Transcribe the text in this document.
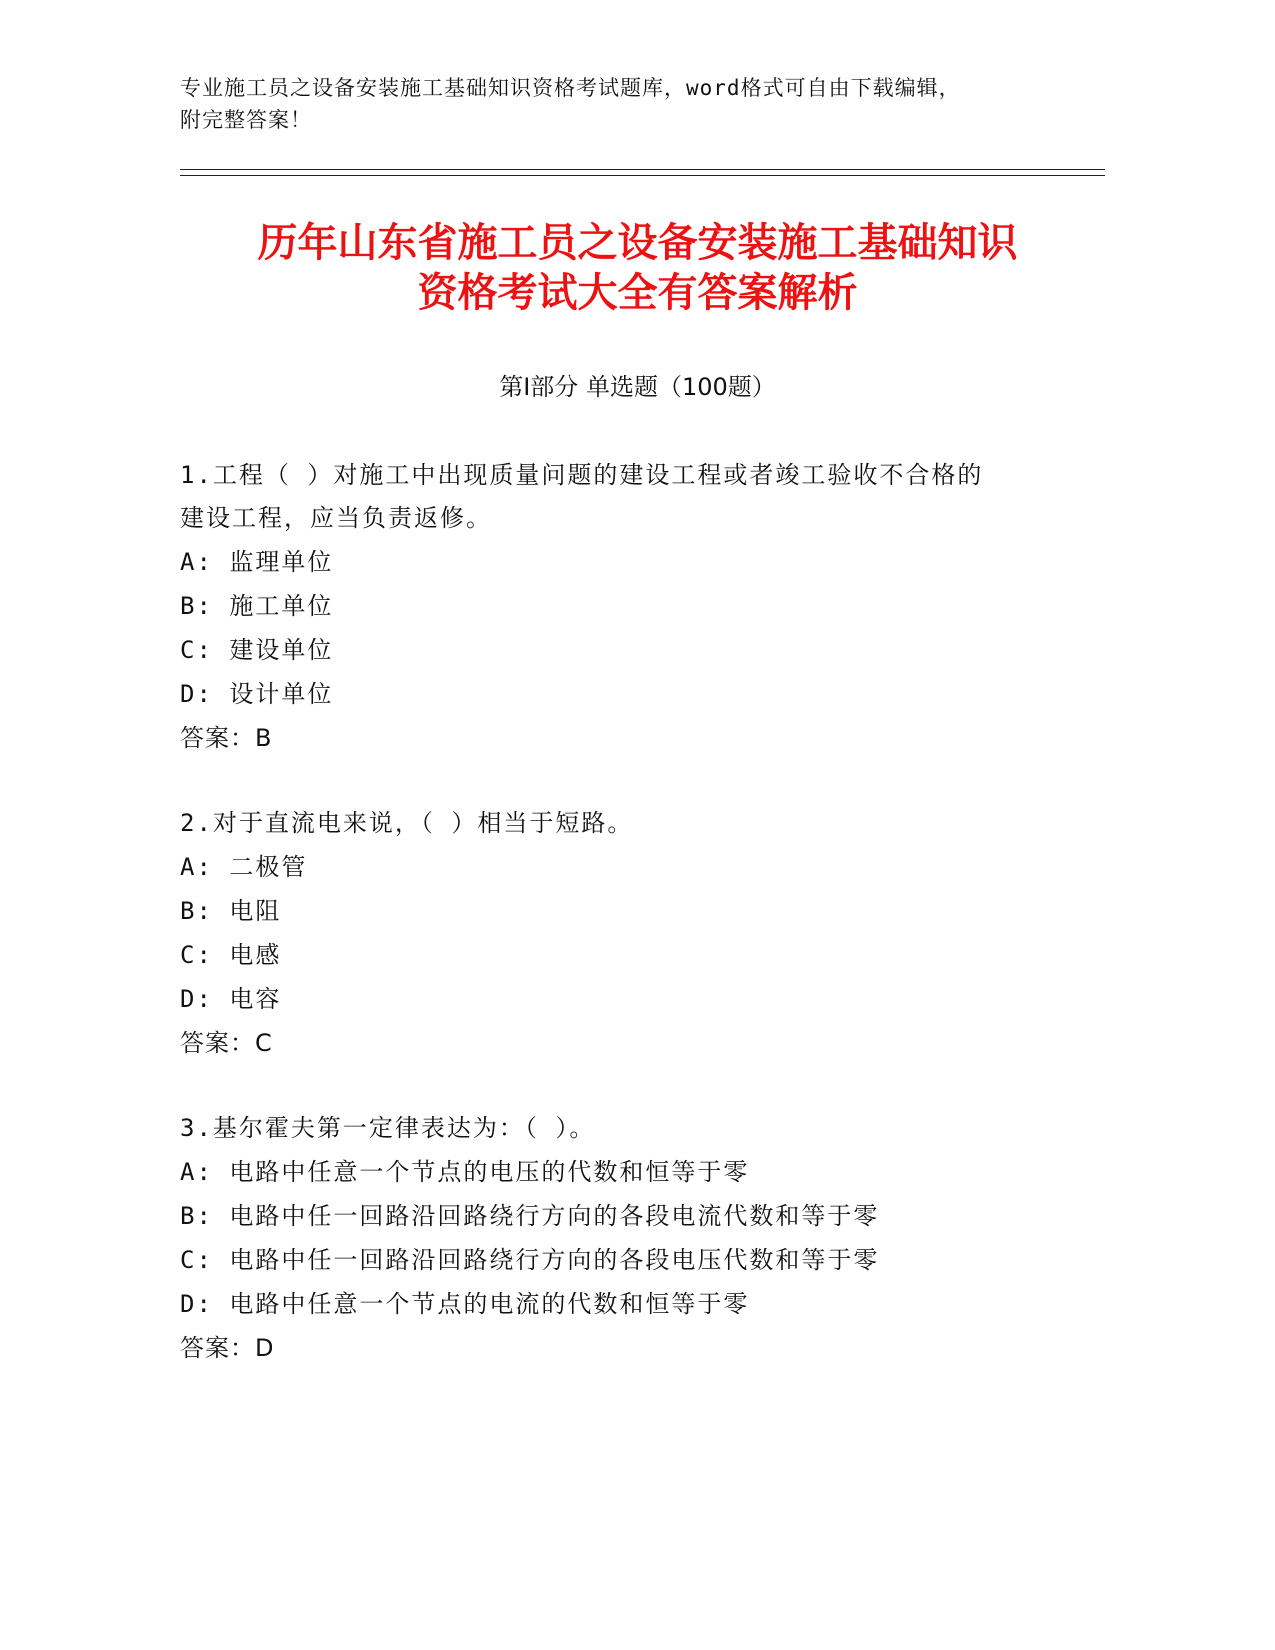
专业施工员之设备安装施工基础知识资格考试题库，word格式可自由下载编辑，
附完整答案！
历年山东省施工员之设备安装施工基础知识
资格考试大全有答案解析
第Ⅰ部分 单选题（100题）
1.工程（ ）对施工中出现质量问题的建设工程或者竣工验收不合格的
建设工程，应当负责返修。
A: 监理单位
B: 施工单位
C: 建设单位
D: 设计单位
答案：B
2.对于直流电来说，（ ）相当于短路。
A: 二极管
B: 电阻
C: 电感
D: 电容
答案：C
3.基尔霍夫第一定律表达为：（ ）。
A: 电路中任意一个节点的电压的代数和恒等于零
B: 电路中任一回路沿回路绕行方向的各段电流代数和等于零
C: 电路中任一回路沿回路绕行方向的各段电压代数和等于零
D: 电路中任意一个节点的电流的代数和恒等于零
答案：D
